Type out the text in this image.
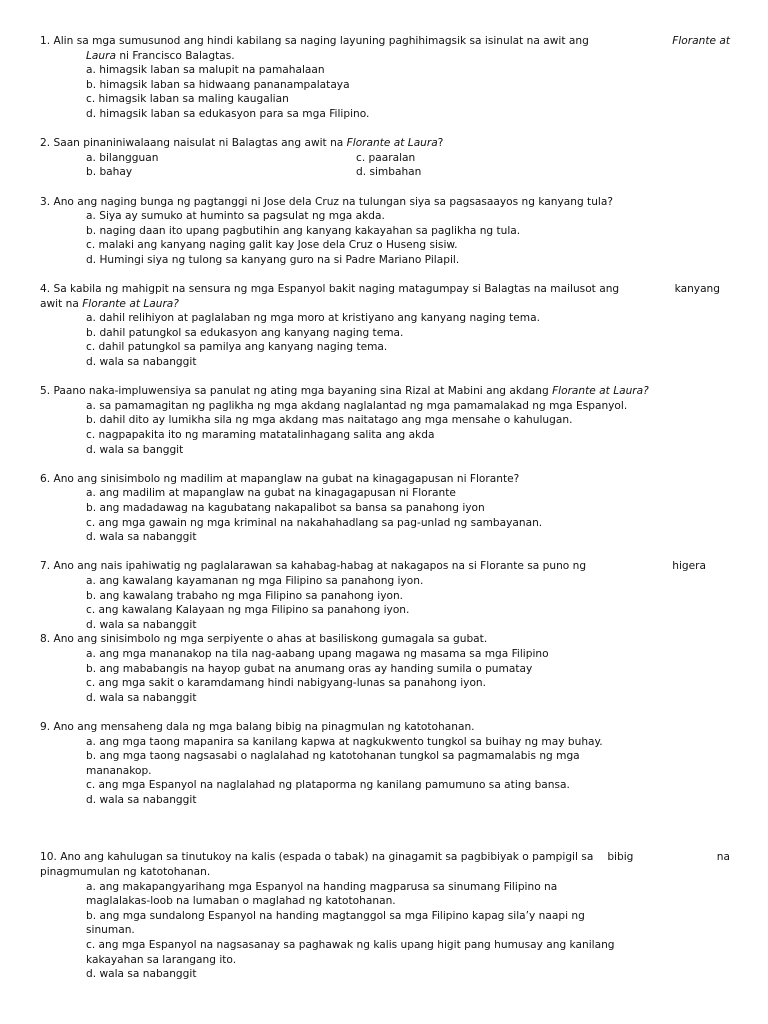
1. Alin sa mga sumusunod ang hindi kabilang sa naging layuning paghihimagsik sa isinulat na awit ang	Florante at
Laura ni Francisco Balagtas.

a. himagsik laban sa malupit na pamahalaan
b. himagsik laban sa hidwaang pananampalataya
c. himagsik laban sa maling kaugalian
d. himagsik laban sa edukasyon para sa mga Filipino.

2. Saan pinaniniwalaang naisulat ni Balagtas ang awit na Florante at Laura?

a. bilangguan	c. paaralan
b. bahay	d. simbahan

3. Ano ang naging bunga ng pagtanggi ni Jose dela Cruz na tulungan siya sa pagsasaayos ng kanyang tula?

a. Siya ay sumuko at huminto sa pagsulat ng mga akda.
b. naging daan ito upang pagbutihin ang kanyang kakayahan sa paglikha ng tula.
c. malaki ang kanyang naging galit kay Jose dela Cruz o Huseng sisiw.
d. Humingi siya ng tulong sa kanyang guro na si Padre Mariano Pilapil.

4. Sa kabila ng mahigpit na sensura ng mga Espanyol bakit naging matagumpay si Balagtas na mailusot ang	kanyang
awit na Florante at Laura?

a. dahil relihiyon at paglalaban ng mga moro at kristiyano ang kanyang naging tema.
b. dahil patungkol sa edukasyon ang kanyang naging tema.
c. dahil patungkol sa pamilya ang kanyang naging tema.
d. wala sa nabanggit

5. Paano naka-impluwensiya sa panulat ng ating mga bayaning sina Rizal at Mabini ang akdang Florante at Laura?

a. sa pamamagitan ng paglikha ng mga akdang naglalantad ng mga pamamalakad ng mga Espanyol.
b. dahil dito ay lumikha sila ng mga akdang mas naitatago ang mga mensahe o kahulugan.
c. nagpapakita ito ng maraming matatalinhagang salita ang akda
d. wala sa banggit

6. Ano ang sinisimbolo ng madilim at mapanglaw na gubat na kinagagapusan ni Florante?

a. ang madilim at mapanglaw na gubat na kinagagapusan ni Florante
b. ang madadawag na kagubatang nakapalibot sa bansa sa panahong iyon
c. ang mga gawain ng mga kriminal na nakahahadlang sa pag-unlad ng sambayanan.
d. wala sa nabanggit

7. Ano ang nais ipahiwatig ng paglalarawan sa kahabag-habag at nakagapos na si Florante sa puno ng	higera

a. ang kawalang kayamanan ng mga Filipino sa panahong iyon.
b. ang kawalang trabaho ng mga Filipino sa panahong iyon.
c. ang kawalang Kalayaan ng mga Filipino sa panahong iyon.
d. wala sa nabanggit

8. Ano ang sinisimbolo ng mga serpiyente o ahas at basiliskong gumagala sa gubat.

a. ang mga mananakop na tila nag-aabang upang magawa ng masama sa mga Filipino
b. ang mababangis na hayop gubat na anumang oras ay handing sumila o pumatay
c. ang mga sakit o karamdamang hindi nabigyang-lunas sa panahong iyon.
d. wala sa nabanggit

9. Ano ang mensaheng dala ng mga balang bibig na pinagmulan ng katotohanan.

a. ang mga taong mapanira sa kanilang kapwa at nagkukwento tungkol sa buihay ng may buhay.
b. ang mga taong nagsasabi o naglalahad ng katotohanan tungkol sa pagmamalabis ng mga
mananakop.
c. ang mga Espanyol na naglalahad ng plataporma ng kanilang pamumuno sa ating bansa.
d. wala sa nabanggit

10. Ano ang kahulugan sa tinutukoy na kalis (espada o tabak) na ginagamit sa pagbibiyak o pampigil sa bibig	na
pinagmumulan ng katotohanan.

a. ang makapangyarihang mga Espanyol na handing magparusa sa sinumang Filipino na
maglalakas-loob na lumaban o maglahad ng katotohanan.
b. ang mga sundalong Espanyol na handing magtanggol sa mga Filipino kapag sila’y naapi ng
sinuman.
c. ang mga Espanyol na nagsasanay sa paghawak ng kalis upang higit pang humusay ang kanilang
kakayahan sa larangang ito.
d. wala sa nabanggit
